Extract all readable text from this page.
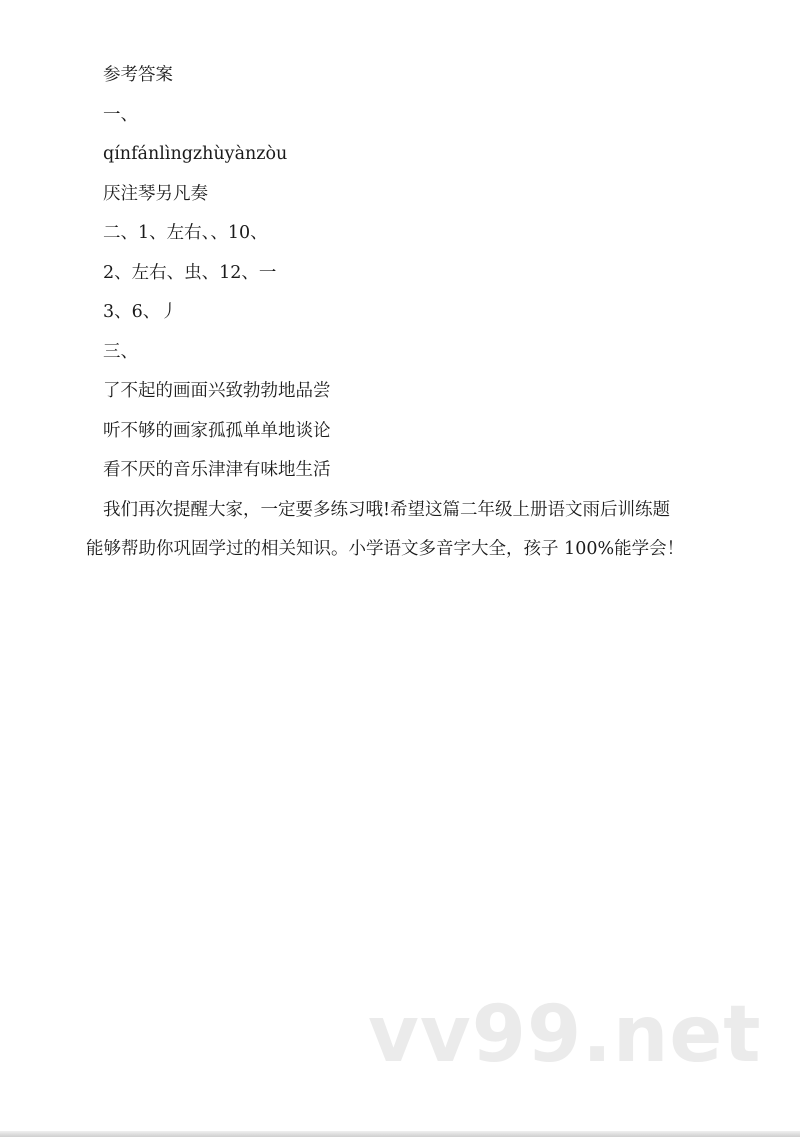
参考答案
一、
qínfánlìngzhùyànzòu
厌注琴另凡奏
二、1、左右、、10、
2、左右、虫、12、一
3、6、丿
三、
了不起的画面兴致勃勃地品尝
听不够的画家孤孤单单地谈论
看不厌的音乐津津有味地生活
我们再次提醒大家，一定要多练习哦!希望这篇二年级上册语文雨后训练题
能够帮助你巩固学过的相关知识。小学语文多音字大全，孩子 100%能学会！
vv99.net
